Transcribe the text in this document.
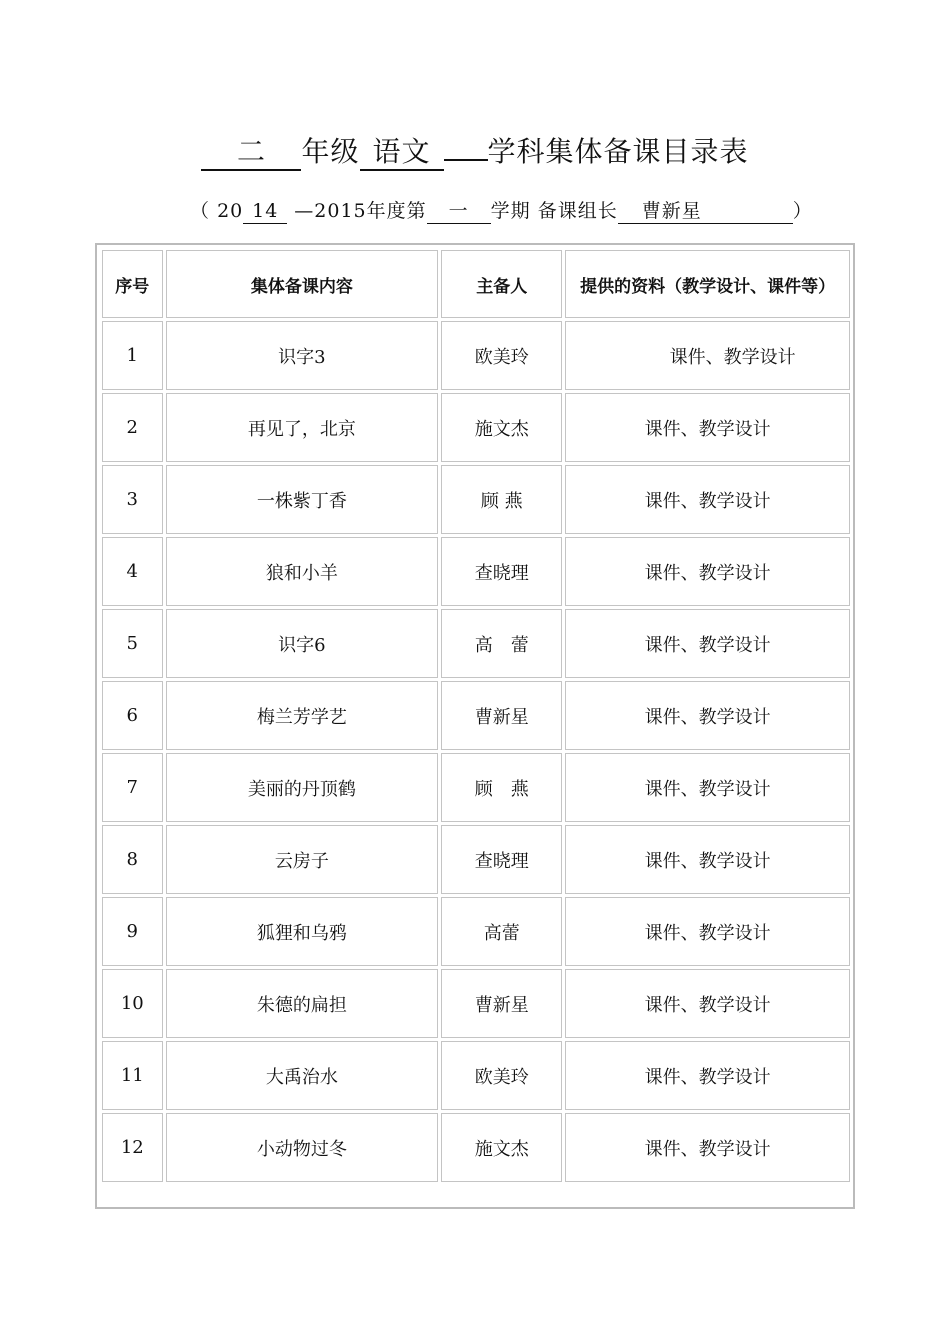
二 年级 语文 学科集体备课目录表
（ 20 14 —2015年度第 一 学期 备课组长 曹新星	）
序号	集体备课内容	主备人	提供的资料（教学设计、课件等）
1	识字3	欧美玲	课件、教学设计
2	再见了，北京	施文杰	课件、教学设计
3	一株紫丁香	顾 燕	课件、教学设计
4	狼和小羊	查晓理	课件、教学设计
5	识字6	高　蕾	课件、教学设计
6	梅兰芳学艺	曹新星	课件、教学设计
7	美丽的丹顶鹤	顾　燕	课件、教学设计
8	云房子	查晓理	课件、教学设计
9	狐狸和乌鸦	高蕾	课件、教学设计
10	朱德的扁担	曹新星	课件、教学设计
11	大禹治水	欧美玲	课件、教学设计
12	小动物过冬	施文杰	课件、教学设计
